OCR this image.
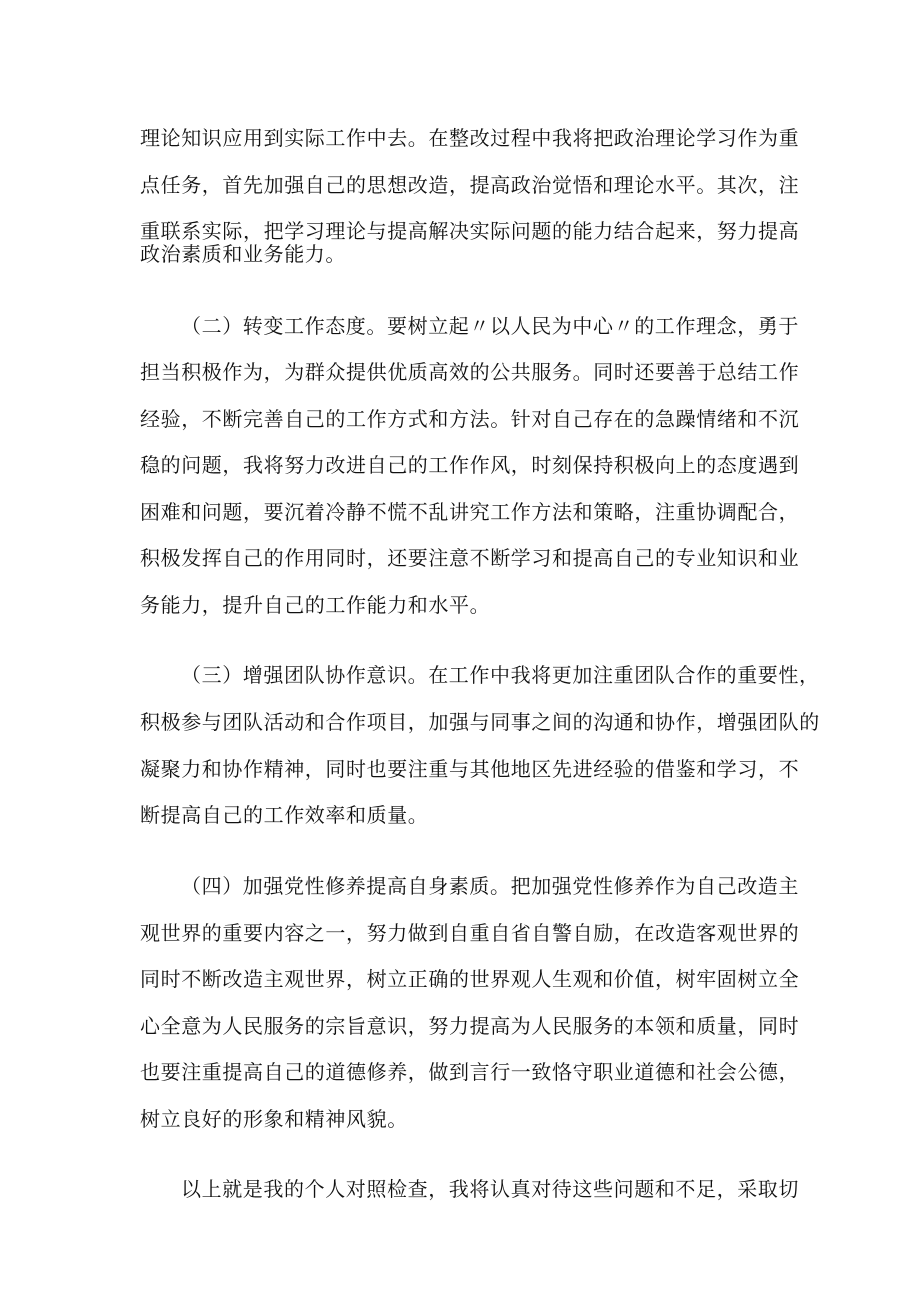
理论知识应用到实际工作中去。在整改过程中我将把政治理论学习作为重
点任务，首先加强自己的思想改造，提高政治觉悟和理论水平。其次，注
重联系实际，把学习理论与提高解决实际问题的能力结合起来，努力提高
政治素质和业务能力。
（二）转变工作态度。要树立起〃以人民为中心〃的工作理念，勇于
担当积极作为，为群众提供优质高效的公共服务。同时还要善于总结工作
经验，不断完善自己的工作方式和方法。针对自己存在的急躁情绪和不沉
稳的问题，我将努力改进自己的工作作风，时刻保持积极向上的态度遇到
困难和问题，要沉着冷静不慌不乱讲究工作方法和策略，注重协调配合，
积极发挥自己的作用同时，还要注意不断学习和提高自己的专业知识和业
务能力，提升自己的工作能力和水平。
（三）增强团队协作意识。在工作中我将更加注重团队合作的重要性，
积极参与团队活动和合作项目，加强与同事之间的沟通和协作，增强团队的
凝聚力和协作精神，同时也要注重与其他地区先进经验的借鉴和学习，不
断提高自己的工作效率和质量。
（四）加强党性修养提高自身素质。把加强党性修养作为自己改造主
观世界的重要内容之一，努力做到自重自省自警自励，在改造客观世界的
同时不断改造主观世界，树立正确的世界观人生观和价值，树牢固树立全
心全意为人民服务的宗旨意识，努力提高为人民服务的本领和质量，同时
也要注重提高自己的道德修养，做到言行一致恪守职业道德和社会公德，
树立良好的形象和精神风貌。
以上就是我的个人对照检查，我将认真对待这些问题和不足，采取切
